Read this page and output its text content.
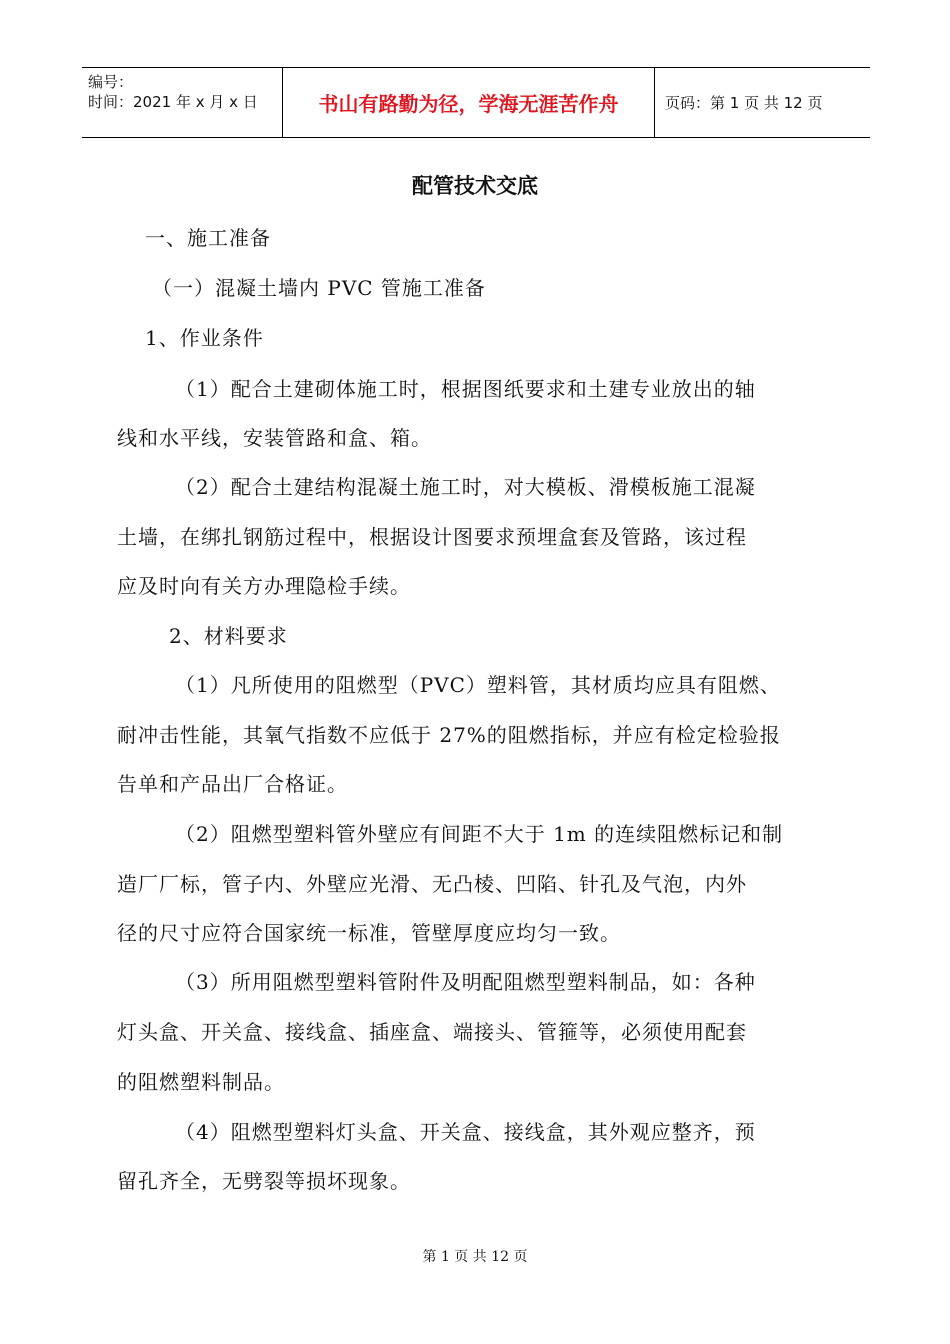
编号：
时间：2021 年 x 月 x 日	书山有路勤为径，学海无涯苦作舟	页码：第 1 页 共 12 页
配管技术交底
一、施工准备
（一）混凝土墙内 PVC 管施工准备
1、作业条件
（1）配合土建砌体施工时，根据图纸要求和土建专业放出的轴
线和水平线，安装管路和盒、箱。
（2）配合土建结构混凝土施工时，对大模板、滑模板施工混凝
土墙，在绑扎钢筋过程中，根据设计图要求预埋盒套及管路，该过程
应及时向有关方办理隐检手续。
2、材料要求
（1）凡所使用的阻燃型（PVC）塑料管，其材质均应具有阻燃、
耐冲击性能，其氧气指数不应低于 27%的阻燃指标，并应有检定检验报
告单和产品出厂合格证。
（2）阻燃型塑料管外壁应有间距不大于 1m 的连续阻燃标记和制
造厂厂标，管子内、外壁应光滑、无凸棱、凹陷、针孔及气泡，内外
径的尺寸应符合国家统一标准，管壁厚度应均匀一致。
（3）所用阻燃型塑料管附件及明配阻燃型塑料制品，如：各种
灯头盒、开关盒、接线盒、插座盒、端接头、管箍等，必须使用配套
的阻燃塑料制品。
（4）阻燃型塑料灯头盒、开关盒、接线盒，其外观应整齐，预
留孔齐全，无劈裂等损坏现象。
第 1 页 共 12 页
